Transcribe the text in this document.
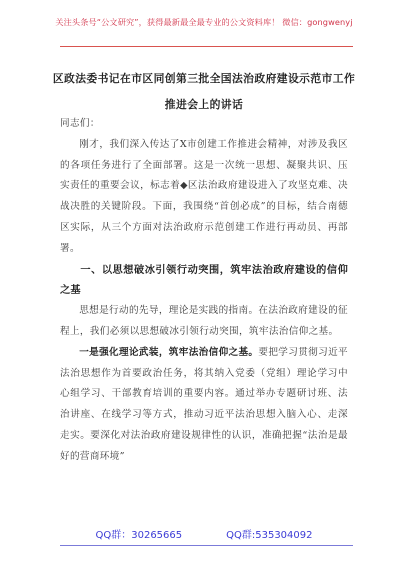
关注头条号“公文研究”，获得最新最全最专业的公文资料库！ 微信：gongwenyj
区政法委书记在市区同创第三批全国法治政府建设示范市工作推进会上的讲话

同志们：

刚才，我们深入传达了X市创建工作推进会精神，对涉及我区的各项任务进行了全面部署。这是一次统一思想、凝聚共识、压实责任的重要会议，标志着◆区法治政府建设进入了攻坚克难、决战决胜的关键阶段。下面，我围绕“首创必成”的目标，结合南德区实际，从三个方面对法治政府示范创建工作进行再动员、再部署。

一、以思想破冰引领行动突围，筑牢法治政府建设的信仰之基

思想是行动的先导，理论是实践的指南。在法治政府建设的征程上，我们必须以思想破冰引领行动突围，筑牢法治信仰之基。

一是强化理论武装，筑牢法治信仰之基。要把学习贯彻习近平法治思想作为首要政治任务，将其纳入党委（党组）理论学习中心组学习、干部教育培训的重要内容。通过举办专题研讨班、法治讲座、在线学习等方式，推动习近平法治思想入脑入心、走深走实。要深化对法治政府建设规律性的认识，准确把握“法治是最好的营商环境”

QQ群：30265665	QQ群:535304092
